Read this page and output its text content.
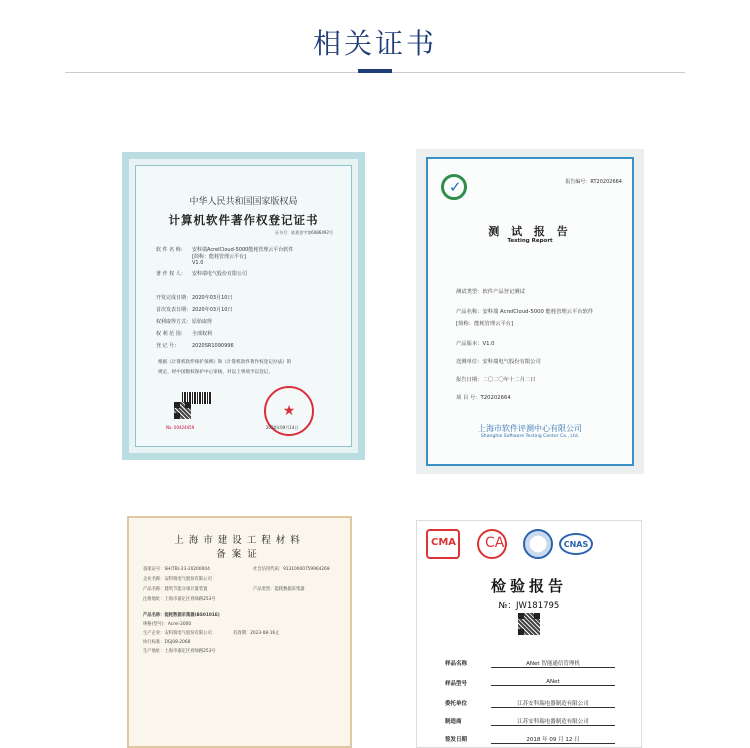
相关证书
中华人民共和国国家版权局
计算机软件著作权登记证书
证书号：软著登字第6086492号
软 件 名 称： 安科瑞AcrelCloud-5000能耗管理云平台软件
[简称：能耗管理云平台]
V1.0
著 作 权 人： 安科瑞电气股份有限公司
开发完成日期：2020年03月10日
首次发表日期：2020年03月10日
权利取得方式：原始取得
权 利 范 围： 全部权利
登 记 号：	2020SR1090996
根据《计算机软件保护条例》和《计算机软件著作权登记办法》的
规定，经中国版权保护中心审核，对以上事项予以登记。
★
No. 00424459	2020年09月14日
✓	报告编号：RT20202664
测 试 报 告
Testing Report
测试类型：软件产品登记测试
产品名称：安科瑞 AcrelCloud-5000 能耗管理云平台软件
[简称：能耗管理云平台]
产品版本：V1.0
送测单位：安科瑞电气股份有限公司
报告日期：二〇二〇年十二月二日
项 目 号：T20202664
上海市软件评测中心有限公司
Shanghai Software Testing Center Co., Ltd.
上海市建设工程材料
备案证
备案证号：SH(TB)-23-20200004
企业名称：安科瑞电气股份有限公司
产品名称：建筑节能分项计量装置
注册地址：上海市嘉定区育绿路253号
产品名称：能耗数据采集器(BS0101E)
规格(型号)：Acrel-2000
生产企业：安科瑞电气股份有限公司
执行标准：DGJ08-2068
生产地址：上海市嘉定区育绿路253号
社会信用代码：91310000759964269
产品类型：能耗数据采集器
有效期：2023-08-16止
CMA CA	CNAS
检验报告
№：JW181795
样品名称	ANet 智能通信管理机
样品型号	ANet
委托单位	江苏安科瑞电器制造有限公司
制造商	江苏安科瑞电器制造有限公司
签发日期	2018 年 09 月 12 日
